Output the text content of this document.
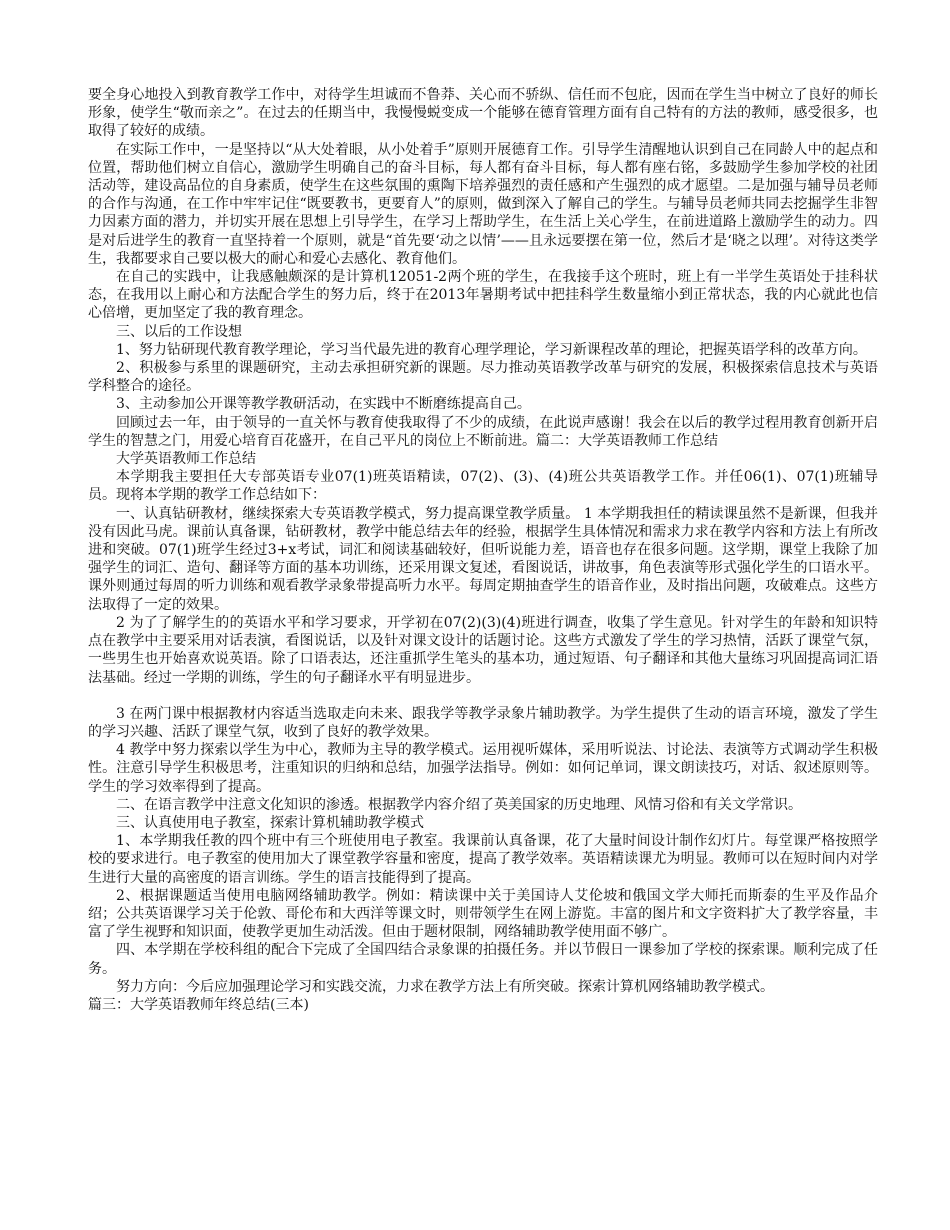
要全身心地投入到教育教学工作中，对待学生坦诚而不鲁莽、关心而不骄纵、信任而不包庇，因而在学生当中树立了良好的师长形象，使学生“敬而亲之”。在过去的任期当中，我慢慢蜕变成一个能够在德育管理方面有自己特有的方法的教师，感受很多，也取得了较好的成绩。

在实际工作中，一是坚持以“从大处着眼，从小处着手”原则开展德育工作。引导学生清醒地认识到自己在同龄人中的起点和位置，帮助他们树立自信心，激励学生明确自己的奋斗目标，每人都有奋斗目标，每人都有座右铭，多鼓励学生参加学校的社团活动等，建设高品位的自身素质，使学生在这些氛围的熏陶下培养强烈的责任感和产生强烈的成才愿望。二是加强与辅导员老师的合作与沟通，在工作中牢牢记住“既要教书，更要育人”的原则，做到深入了解自己的学生。与辅导员老师共同去挖掘学生非智力因素方面的潜力，并切实开展在思想上引导学生，在学习上帮助学生，在生活上关心学生，在前进道路上激励学生的动力。四是对后进学生的教育一直坚持着一个原则，就是“首先要‘动之以情’——且永远要摆在第一位，然后才是‘晓之以理’。对待这类学生，我都要求自己要以极大的耐心和爱心去感化、教育他们。

在自己的实践中，让我感触颇深的是计算机12051-2两个班的学生，在我接手这个班时，班上有一半学生英语处于挂科状态，在我用以上耐心和方法配合学生的努力后，终于在2013年暑期考试中把挂科学生数量缩小到正常状态，我的内心就此也信心倍增，更加坚定了我的教育理念。

三、以后的工作设想

1、努力钻研现代教育教学理论，学习当代最先进的教育心理学理论，学习新课程改革的理论，把握英语学科的改革方向。

2、积极参与系里的课题研究，主动去承担研究新的课题。尽力推动英语教学改革与研究的发展，积极探索信息技术与英语学科整合的途径。

3、主动参加公开课等教学教研活动，在实践中不断磨练提高自己。

回顾过去一年，由于领导的一直关怀与教育使我取得了不少的成绩，在此说声感谢！我会在以后的教学过程用教育创新开启学生的智慧之门，用爱心培育百花盛开，在自己平凡的岗位上不断前进。篇二：大学英语教师工作总结

大学英语教师工作总结

本学期我主要担任大专部英语专业07(1)班英语精读，07(2)、(3)、(4)班公共英语教学工作。并任06(1)、07(1)班辅导员。现将本学期的教学工作总结如下：

一、认真钻研教材，继续探索大专英语教学模式，努力提高课堂教学质量。 1 本学期我担任的精读课虽然不是新课，但我并没有因此马虎。课前认真备课，钻研教材，教学中能总结去年的经验，根据学生具体情况和需求力求在教学内容和方法上有所改进和突破。07(1)班学生经过3+x考试，词汇和阅读基础较好，但听说能力差，语音也存在很多问题。这学期，课堂上我除了加强学生的词汇、造句、翻译等方面的基本功训练，还采用课文复述，看图说话，讲故事，角色表演等形式强化学生的口语水平。课外则通过每周的听力训练和观看教学录象带提高听力水平。每周定期抽查学生的语音作业，及时指出问题，攻破难点。这些方法取得了一定的效果。

2 为了了解学生的的英语水平和学习要求，开学初在07(2)(3)(4)班进行调查，收集了学生意见。针对学生的年龄和知识特点在教学中主要采用对话表演，看图说话，以及针对课文设计的话题讨论。这些方式激发了学生的学习热情，活跃了课堂气氛，一些男生也开始喜欢说英语。除了口语表达，还注重抓学生笔头的基本功，通过短语、句子翻译和其他大量练习巩固提高词汇语法基础。经过一学期的训练，学生的句子翻译水平有明显进步。

3 在两门课中根据教材内容适当选取走向未来、跟我学等教学录象片辅助教学。为学生提供了生动的语言环境，激发了学生的学习兴趣、活跃了课堂气氛，收到了良好的教学效果。

4 教学中努力探索以学生为中心，教师为主导的教学模式。运用视听媒体，采用听说法、讨论法、表演等方式调动学生积极性。注意引导学生积极思考，注重知识的归纳和总结，加强学法指导。例如：如何记单词，课文朗读技巧，对话、叙述原则等。学生的学习效率得到了提高。

二、在语言教学中注意文化知识的渗透。根据教学内容介绍了英美国家的历史地理、风情习俗和有关文学常识。

三、认真使用电子教室，探索计算机辅助教学模式

1、本学期我任教的四个班中有三个班使用电子教室。我课前认真备课，花了大量时间设计制作幻灯片。每堂课严格按照学校的要求进行。电子教室的使用加大了课堂教学容量和密度，提高了教学效率。英语精读课尤为明显。教师可以在短时间内对学生进行大量的高密度的语言训练。学生的语言技能得到了提高。

2、根据课题适当使用电脑网络辅助教学。例如：精读课中关于美国诗人艾伦坡和俄国文学大师托而斯泰的生平及作品介绍；公共英语课学习关于伦敦、哥伦布和大西洋等课文时，则带领学生在网上游览。丰富的图片和文字资料扩大了教学容量，丰富了学生视野和知识面，使教学更加生动活泼。但由于题材限制，网络辅助教学使用面不够广。

四、本学期在学校科组的配合下完成了全国四结合录象课的拍摄任务。并以节假日一课参加了学校的探索课。顺利完成了任务。

努力方向：今后应加强理论学习和实践交流，力求在教学方法上有所突破。探索计算机网络辅助教学模式。

篇三：大学英语教师年终总结(三本)
